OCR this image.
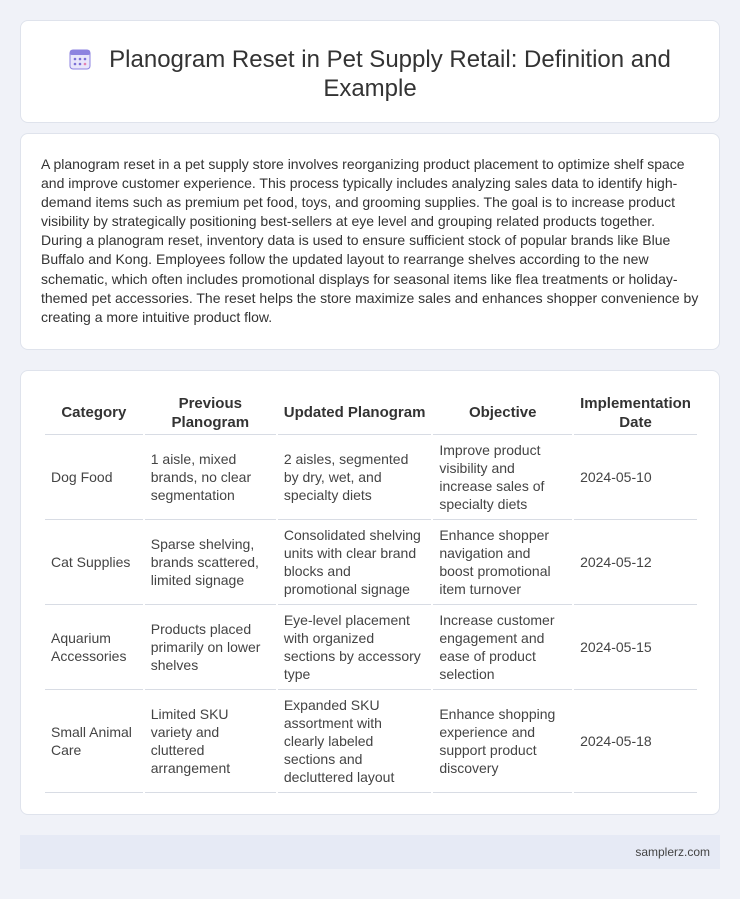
Planogram Reset in Pet Supply Retail: Definition and Example

A planogram reset in a pet supply store involves reorganizing product placement to optimize shelf space and improve customer experience. This process typically includes analyzing sales data to identify high-demand items such as premium pet food, toys, and grooming supplies. The goal is to increase product visibility by strategically positioning best-sellers at eye level and grouping related products together. During a planogram reset, inventory data is used to ensure sufficient stock of popular brands like Blue Buffalo and Kong. Employees follow the updated layout to rearrange shelves according to the new schematic, which often includes promotional displays for seasonal items like flea treatments or holiday-themed pet accessories. The reset helps the store maximize sales and enhances shopper convenience by creating a more intuitive product flow.

Category	Previous Planogram	Updated Planogram	Objective	Implementation Date
Dog Food	1 aisle, mixed brands, no clear segmentation	2 aisles, segmented by dry, wet, and specialty diets	Improve product visibility and increase sales of specialty diets	2024-05-10
Cat Supplies	Sparse shelving, brands scattered, limited signage	Consolidated shelving units with clear brand blocks and promotional signage	Enhance shopper navigation and boost promotional item turnover	2024-05-12
Aquarium Accessories	Products placed primarily on lower shelves	Eye-level placement with organized sections by accessory type	Increase customer engagement and ease of product selection	2024-05-15
Small Animal Care	Limited SKU variety and cluttered arrangement	Expanded SKU assortment with clearly labeled sections and decluttered layout	Enhance shopping experience and support product discovery	2024-05-18
samplerz.com
